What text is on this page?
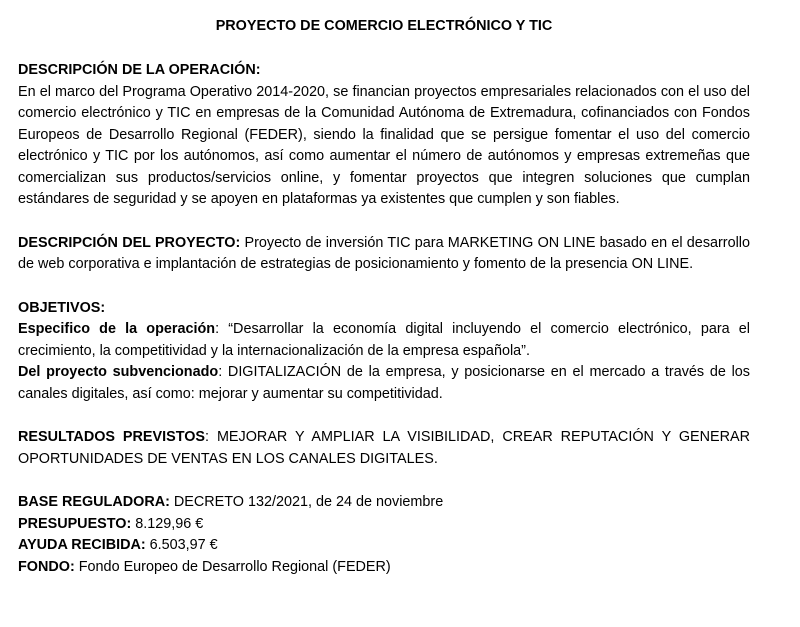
PROYECTO DE COMERCIO ELECTRÓNICO Y TIC

DESCRIPCIÓN DE LA OPERACIÓN:

En el marco del Programa Operativo 2014-2020, se financian proyectos empresariales relacionados con el uso del comercio electrónico y TIC en empresas de la Comunidad Autónoma de Extremadura, cofinanciados con Fondos Europeos de Desarrollo Regional (FEDER), siendo la finalidad que se persigue fomentar el uso del comercio electrónico y TIC por los autónomos, así como aumentar el número de autónomos y empresas extremeñas que comercializan sus productos/servicios online, y fomentar proyectos que integren soluciones que cumplan estándares de seguridad y se apoyen en plataformas ya existentes que cumplen y son fiables.

DESCRIPCIÓN DEL PROYECTO: Proyecto de inversión TIC para MARKETING ON LINE basado en el desarrollo de web corporativa e implantación de estrategias de posicionamiento y fomento de la presencia ON LINE.

OBJETIVOS:

Especifico de la operación: “Desarrollar la economía digital incluyendo el comercio electrónico, para el crecimiento, la competitividad y la internacionalización de la empresa española”.

Del proyecto subvencionado: DIGITALIZACIÓN de la empresa, y posicionarse en el mercado a través de los canales digitales, así como: mejorar y aumentar su competitividad.

RESULTADOS PREVISTOS: MEJORAR Y AMPLIAR LA VISIBILIDAD, CREAR REPUTACIÓN Y GENERAR OPORTUNIDADES DE VENTAS EN LOS CANALES DIGITALES.

BASE REGULADORA: DECRETO 132/2021, de 24 de noviembre

PRESUPUESTO: 8.129,96 €

AYUDA RECIBIDA: 6.503,97 €

FONDO: Fondo Europeo de Desarrollo Regional (FEDER)
